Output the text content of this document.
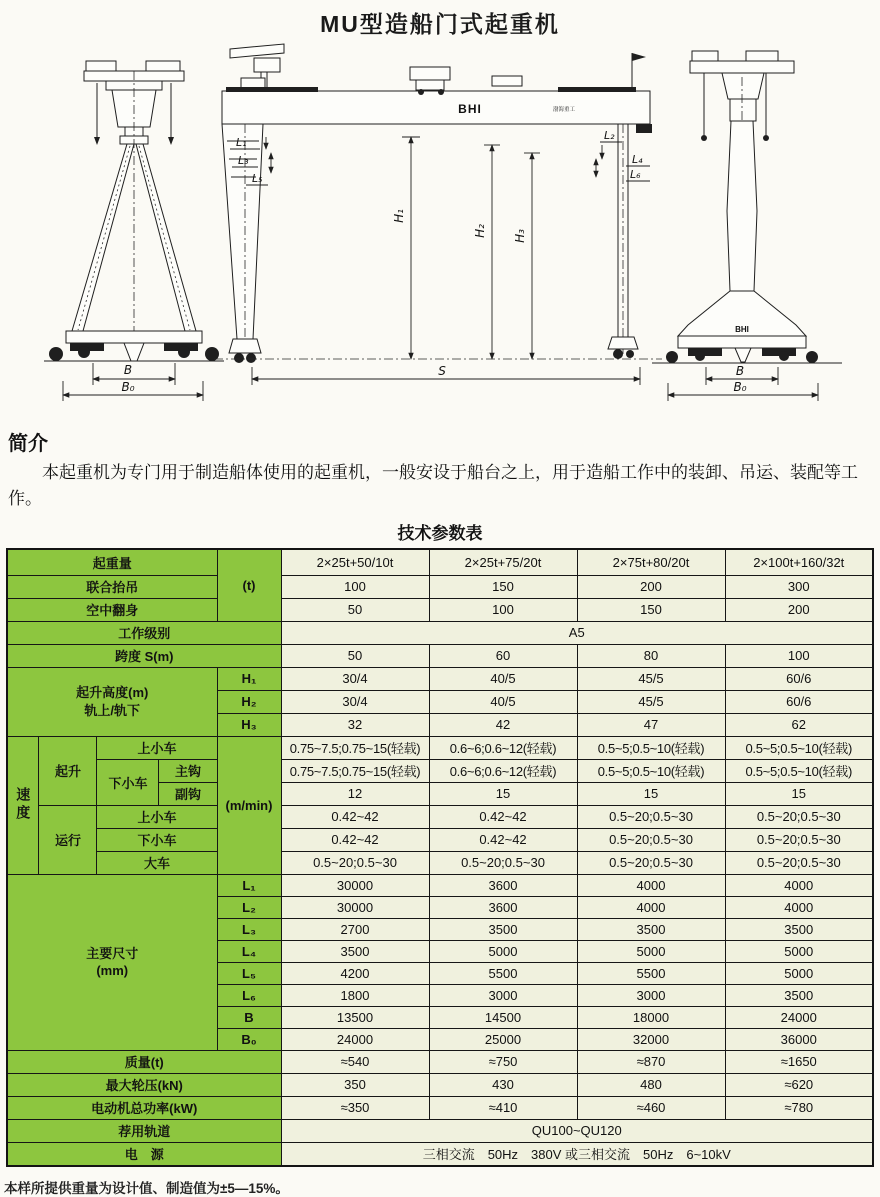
MU型造船门式起重机
B
B₀
BHI	渤海重工
H₁
H₂ H₃
S
L₁
L₃
L₅
L₂
L₄
L₆
BHI
B
B₀
简介

本起重机为专门用于制造船体使用的起重机，一般安设于船台之上，用于造船工作中的装卸、吊运、装配等工作。

技术参数表
起重量				(t)	2×25t+50/10t	2×25t+75/20t	2×75t+80/20t	2×100t+160/32t
联合抬吊					100	150	200	300
空中翻身					50	100	150	200
工作级别					A5			
跨度 S(m)					50	60	80	100

起升高度(m)
轨上/轨下				H₁	30/4	40/5	45/5	60/6
				H₂	30/4	40/5	45/5	60/6
				H₃	32	42	47	62

速度	起升	上小车		(m/min)	0.75~7.5;0.75~15(轻载)	0.6~6;0.6~12(轻载)	0.5~5;0.5~10(轻载)	0.5~5;0.5~10(轻载)
		下小车	主钩		0.75~7.5;0.75~15(轻载)	0.6~6;0.6~12(轻载)	0.5~5;0.5~10(轻载)	0.5~5;0.5~10(轻载)
			副钩		12	15	15	15
	运行	上小车			0.42~42	0.42~42	0.5~20;0.5~30	0.5~20;0.5~30
		下小车			0.42~42	0.42~42	0.5~20;0.5~30	0.5~20;0.5~30
		大车			0.5~20;0.5~30	0.5~20;0.5~30	0.5~20;0.5~30	0.5~20;0.5~30

主要尺寸
(mm)				L₁	30000	3600	4000	4000
				L₂	30000	3600	4000	4000
				L₃	2700	3500	3500	3500
				L₄	3500	5000	5000	5000
				L₅	4200	5500	5500	5000
				L₆	1800	3000	3000	3500
				B	13500	14500	18000	24000
				B₀	24000	25000	32000	36000
质量(t)					≈540	≈750	≈870	≈1650
最大轮压(kN)					350	430	480	≈620
电动机总功率(kW)					≈350	≈410	≈460	≈780
荐用轨道					QU100~QU120			
电　源					三相交流　50Hz　380V 或三相交流　50Hz　6~10kV			
本样所提供重量为设计值、制造值为±5—15%。
